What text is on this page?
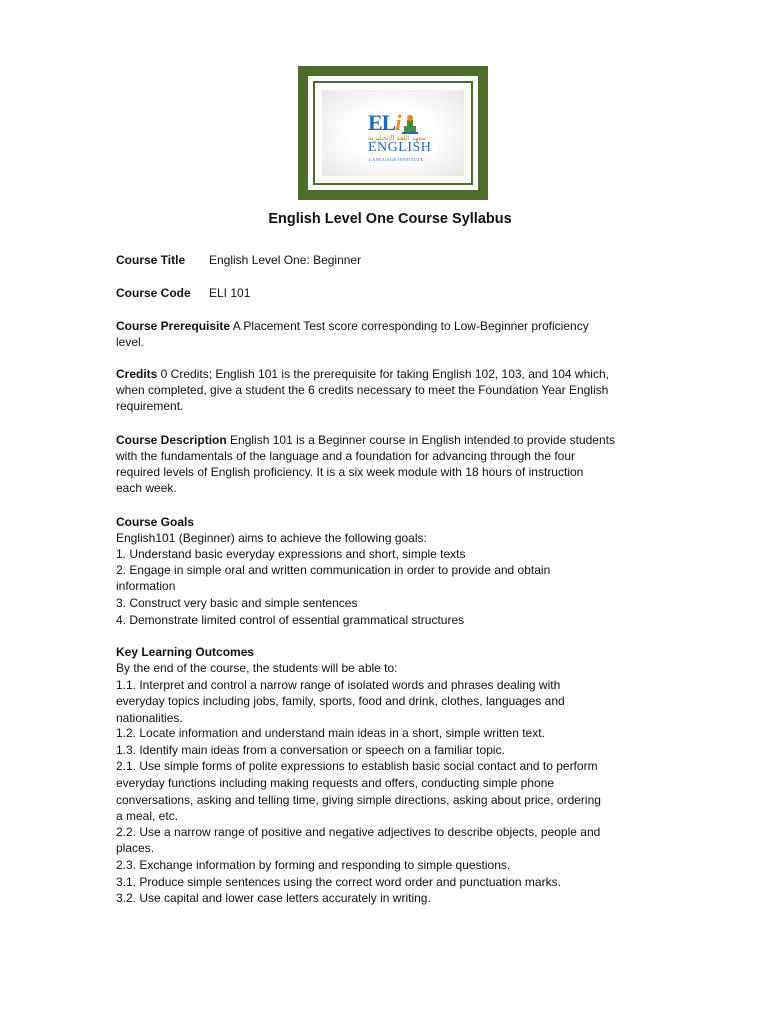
ELi
معهد اللغة الإنجليزية
ENGLISH
LANGUAGE INSTITUTE
English Level One Course Syllabus
Course Title English Level One: Beginner
Course Code ELI 101
Course Prerequisite A Placement Test score corresponding to Low-Beginner proficiency
level.
Credits 0 Credits; English 101 is the prerequisite for taking English 102, 103, and 104 which,
when completed, give a student the 6 credits necessary to meet the Foundation Year English
requirement.
Course Description English 101 is a Beginner course in English intended to provide students
with the fundamentals of the language and a foundation for advancing through the four
required levels of English proficiency. It is a six week module with 18 hours of instruction
each week.
Course Goals
English101 (Beginner) aims to achieve the following goals:
1. Understand basic everyday expressions and short, simple texts
2. Engage in simple oral and written communication in order to provide and obtain
information
3. Construct very basic and simple sentences
4. Demonstrate limited control of essential grammatical structures
Key Learning Outcomes
By the end of the course, the students will be able to:
1.1. Interpret and control a narrow range of isolated words and phrases dealing with
everyday topics including jobs, family, sports, food and drink, clothes, languages and
nationalities.
1.2. Locate information and understand main ideas in a short, simple written text.
1.3. Identify main ideas from a conversation or speech on a familiar topic.
2.1. Use simple forms of polite expressions to establish basic social contact and to perform
everyday functions including making requests and offers, conducting simple phone
conversations, asking and telling time, giving simple directions, asking about price, ordering
a meal, etc.
2.2. Use a narrow range of positive and negative adjectives to describe objects, people and
places.
2.3. Exchange information by forming and responding to simple questions.
3.1. Produce simple sentences using the correct word order and punctuation marks.
3.2. Use capital and lower case letters accurately in writing.
